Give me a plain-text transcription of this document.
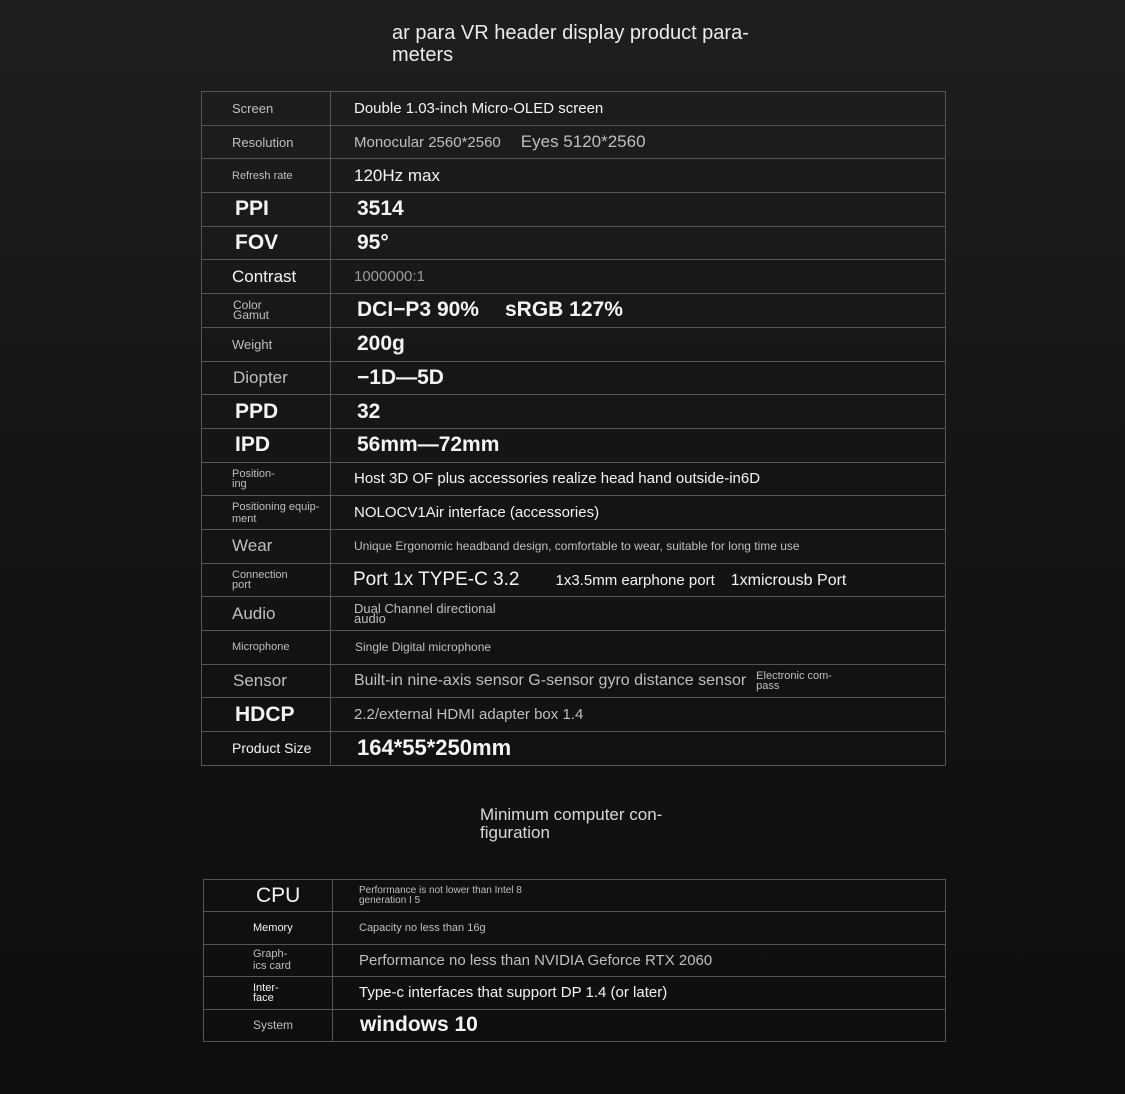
ar para VR header display product para-
meters
Screen	Double 1.03-inch Micro-OLED screen

Resolution	Monocular 2560*2560 Eyes 5120*2560

Refresh rate	120Hz max

PPI	3514

FOV	95°

Contrast	1000000:1

Color
Gamut	DCI−P3 90% sRGB 127%

Weight	200g

Diopter	−1D—5D

PPD	32

IPD	56mm—72mm

Position-
ing	Host 3D OF plus accessories realize head hand outside-in6D

Positioning equip-
ment	NOLOCV1Air interface (accessories)

Wear	Unique Ergonomic headband design, comfortable to wear, suitable for long time use

Connection
port	Port 1x TYPE-C 3.2 1x3.5mm earphone port 1xmicrousb Port

Audio	Dual Channel directional
audio

Microphone	Single Digital microphone

Sensor	Built-in nine-axis sensor G-sensor gyro distance sensor Electronic com-
pass

HDCP	2.2/external HDMI adapter box 1.4

Product Size	164*55*250mm
Minimum computer con-
figuration
CPU	Performance is not lower than Intel 8
generation I 5

Memory	Capacity no less than 16g

Graph-
ics card	Performance no less than NVIDIA Geforce RTX 2060

Inter-
face	Type-c interfaces that support DP 1.4 (or later)

System	windows 10
